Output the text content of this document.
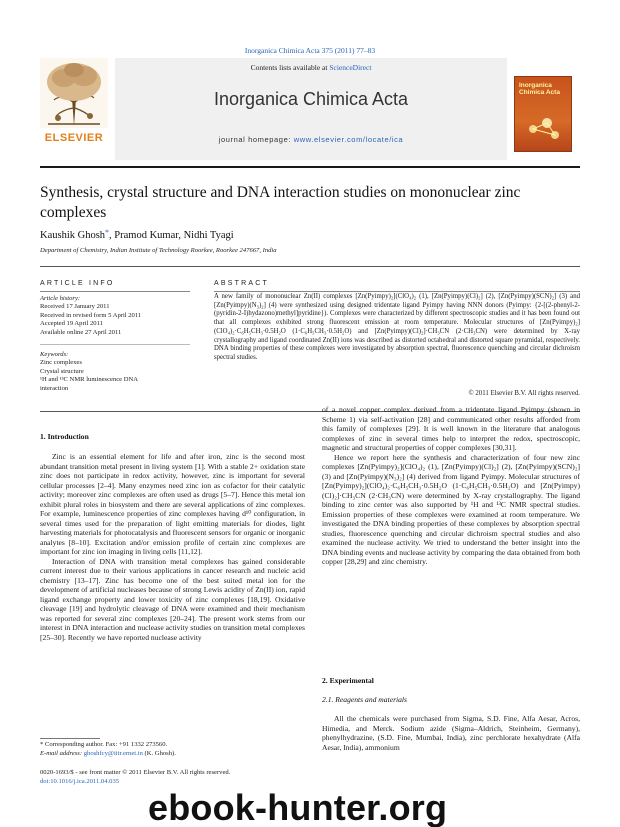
Inorganica Chimica Acta 375 (2011) 77–83
ELSEVIER
Contents lists available at ScienceDirect
Inorganica Chimica Acta
journal homepage: www.elsevier.com/locate/ica
Inorganica Chimica Acta
Synthesis, crystal structure and DNA interaction studies on mononuclear zinc complexes
Kaushik Ghosh*, Pramod Kumar, Nidhi Tyagi
Department of Chemistry, Indian Institute of Technology Roorkee, Roorkee 247667, India
ARTICLE INFO	ABSTRACT
Article history:
Received 17 January 2011
Received in revised form 5 April 2011
Accepted 19 April 2011
Available online 27 April 2011
Keywords:
Zinc complexes
Crystal structure
¹H and ¹³C NMR luminescence DNA
interaction
A new family of mononuclear Zn(II) complexes [Zn(Pyimpy)₂](ClO₄)₂ (1), [Zn(Pyimpy)(Cl)₂] (2), [Zn(Pyimpy)(SCN)₂] (3) and [Zn(Pyimpy)(N₃)₂] (4) were synthesized using designed tridentate ligand Pyimpy having NNN donors (Pyimpy: {2-[(2-phenyl-2-(pyridin-2-I)hydazono)methyl]pyridine}). Complexes were characterized by different spectroscopic studies and it has been found out that all complexes exhibited strong fluorescent emission at room temperature. Molecular structures of [Zn(Pyimpy)₂](ClO₄)₂·C₆H₅CH₃·0.5H₂O (1·C₆H₅CH₃·0.5H₂O) and [Zn(Pyimpy)(Cl)₂]·CH₃CN (2·CH₃CN) were determined by X-ray crystallography and ligand coordinated Zn(II) ions was described as distorted octahedral and distorted square pyramidal, respectively. DNA binding properties of these complexes were investigated by absorption spectral, fluorescence quenching and circular dichroism spectral studies.
© 2011 Elsevier B.V. All rights reserved.
1. Introduction

Zinc is an essential element for life and after iron, zinc is the second most abundant transition metal present in living system [1]. With a stable 2+ oxidation state zinc does not participate in redox activity, however, zinc is important for several cellular processes [2–4]. Many enzymes need zinc ion as cofactor for their catalytic activity; moreover zinc complexes are often used as drugs [5–7]. Hence this metal ion exhibit plural roles in biosystem and there are several applications of zinc complexes. For example, luminescence properties of zinc complexes having d¹⁰ configuration, in several times used for the preparation of light emitting materials for diodes, light harvesting materials for photocatalysis and fluorescent sensors for organic or inorganic analytes [8–10]. Excitation and/or emission profile of certain zinc complexes are important for zinc ion imaging in living cells [11,12].

Interaction of DNA with transition metal complexes has gained considerable current interest due to their various applications in cancer research and nucleic acid chemistry [13–17]. Zinc has become one of the best suited metal ion for the development of artificial nucleases because of strong Lewis acidity of Zn(II) ion, rapid ligand exchange property and lower toxicity of zinc complexes [18,19]. Oxidative cleavage [19] and hydrolytic cleavage of DNA were examined and their mechanism was reported for several zinc complexes [20–24]. The present work stems from our interest in DNA interaction and nuclease activity studies on transition metal complexes [25–30]. Recently we have reported nuclease activity

of a novel copper complex derived from a tridentate ligand Pyimpy (shown in Scheme 1) via self-activation [28] and communicated other results afforded from this family of complexes [29]. It is well known in the literature that analogous complexes of zinc in several times help to interpret the redox, spectroscopic, magnetic and structural properties of copper complexes [30,31].

Hence we report here the synthesis and characterization of four new zinc complexes [Zn(Pyimpy)₂](ClO₄)₂ (1), [Zn(Pyimpy)(Cl)₂] (2), [Zn(Pyimpy)(SCN)₂] (3) and [Zn(Pyimpy)(N₃)₂] (4) derived from ligand Pyimpy. Molecular structures of [Zn(Pyimpy)₂](ClO₄)₂·C₆H₅CH₃·0.5H₂O (1·C₆H₅CH₃·0.5H₂O) and [Zn(Pyimpy)(Cl)₂]·CH₃CN (2·CH₃CN) were determined by X-ray crystallography. The ligand binding to zinc center was also supported by ¹H and ¹³C NMR spectral studies. Emission properties of these complexes were examined at room temperature. We investigated the DNA binding properties of these complexes by absorption spectral studies, fluorescence quenching and circular dichroism spectral studies and also examined the nuclease activity. We tried to understand the better insight into the DNA binding events and nuclease activity by comparing the data obtained from both copper [28,29] and zinc chemistry.

2. Experimental
2.1. Reagents and materials

All the chemicals were purchased from Sigma, S.D. Fine, Alfa Aesar, Acros, Himedia, and Merck. Sodium azide (Sigma–Aldrich, Steinheim, Germany), phenylhydrazine, (S.D. Fine, Mumbai, India), zinc perchlorate hexahydrate (Alfa Aesar, India), ammonium

* Corresponding author. Fax: +91 1332 273560.
E-mail address: ghoshfcy@iitr.ernet.in (K. Ghosh).
0020-1693/$ - see front matter © 2011 Elsevier B.V. All rights reserved.
doi:10.1016/j.ica.2011.04.035
ebook-hunter.org
